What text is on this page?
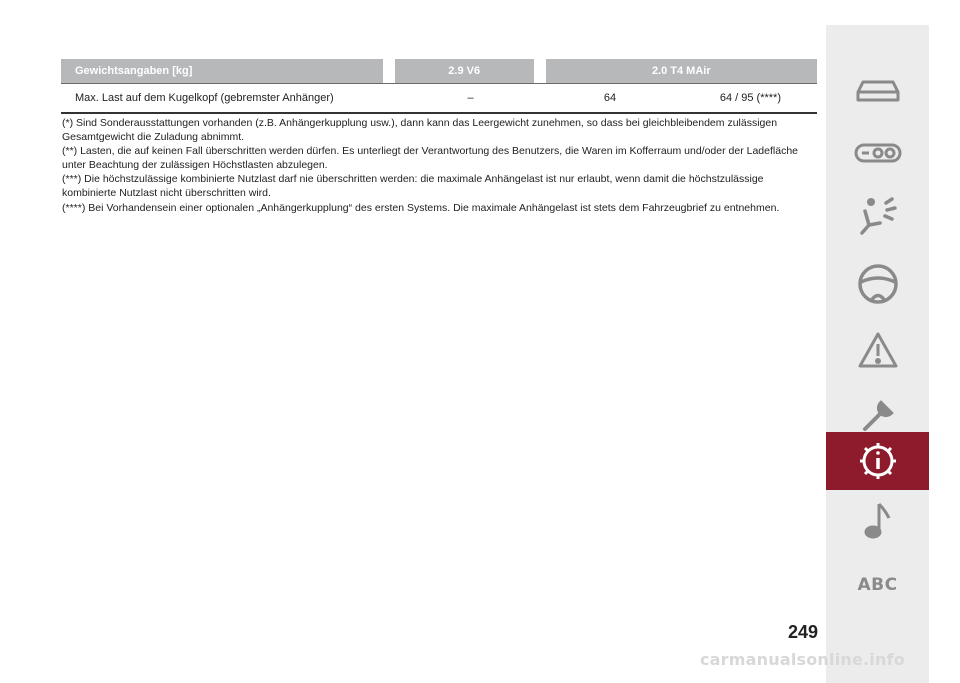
Gewichtsangaben [kg]	2.9 V6	2.0 T4 MAir
Max. Last auf dem Kugelkopf (gebremster Anhänger)	–	64	64 / 95 (****)

(*) Sind Sonderausstattungen vorhanden (z.B. Anhängerkupplung usw.), dann kann das Leergewicht zunehmen, so dass bei gleichbleibendem zulässigen Gesamtgewicht die Zuladung abnimmt.

(**) Lasten, die auf keinen Fall überschritten werden dürfen. Es unterliegt der Verantwortung des Benutzers, die Waren im Kofferraum und/oder der Ladefläche unter Beachtung der zulässigen Höchstlasten abzulegen.

(***) Die höchstzulässige kombinierte Nutzlast darf nie überschritten werden: die maximale Anhängelast ist nur erlaubt, wenn damit die höchstzulässige kombinierte Nutzlast nicht überschritten wird.

(****) Bei Vorhandensein einer optionalen „Anhängerkupplung“ des ersten Systems. Die maximale Anhängelast ist stets dem Fahrzeugbrief zu entnehmen.

ABC
249
carmanualsonline.info
